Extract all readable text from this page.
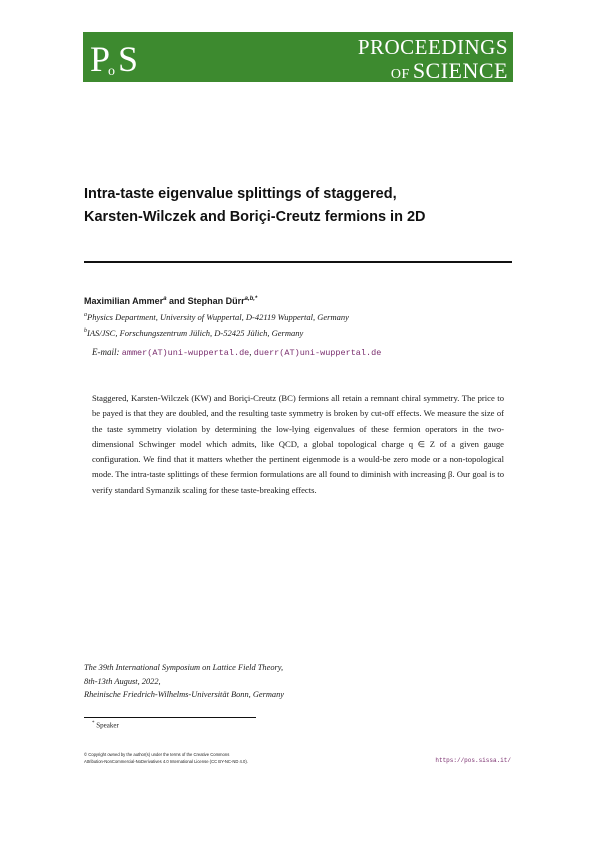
P
o S	PROCEEDINGS
OF SCIENCE
Intra-taste eigenvalue splittings of staggered,
Karsten-Wilczek and Boriçi-Creutz fermions in 2D
Maximilian Ammer$^a$ and Stephan Dürr$^{a,b,*}$
$^a$Physics Department, University of Wuppertal, D-42119 Wuppertal, Germany
$^b$IAS/JSC, Forschungszentrum Jülich, D-52425 Jülich, Germany
E-mail: ammer(AT)uni-wuppertal.de, duerr(AT)uni-wuppertal.de

Staggered, Karsten-Wilczek (KW) and Boriçi-Creutz (BC) fermions all retain a remnant chiral symmetry. The price to be payed is that they are doubled, and the resulting taste symmetry is broken by cut-off effects. We measure the size of the taste symmetry violation by determining the low-lying eigenvalues of these fermion operators in the two-dimensional Schwinger model which admits, like QCD, a global topological charge q ∈ Z of a given gauge configuration. We find that it matters whether the pertinent eigenmode is a would-be zero mode or a non-topological mode. The intra-taste splittings of these fermion formulations are all found to diminish with increasing β. Our goal is to verify standard Symanzik scaling for these taste-breaking effects.

The 39th International Symposium on Lattice Field Theory,
8th-13th August, 2022,
Rheinische Friedrich-Wilhelms-Universität Bonn, Germany
* Speaker
© Copyright owned by the author(s) under the terms of the Creative Commons
Attribution-NonCommercial-NoDerivatives 4.0 International License (CC BY-NC-ND 4.0).	https://pos.sissa.it/
